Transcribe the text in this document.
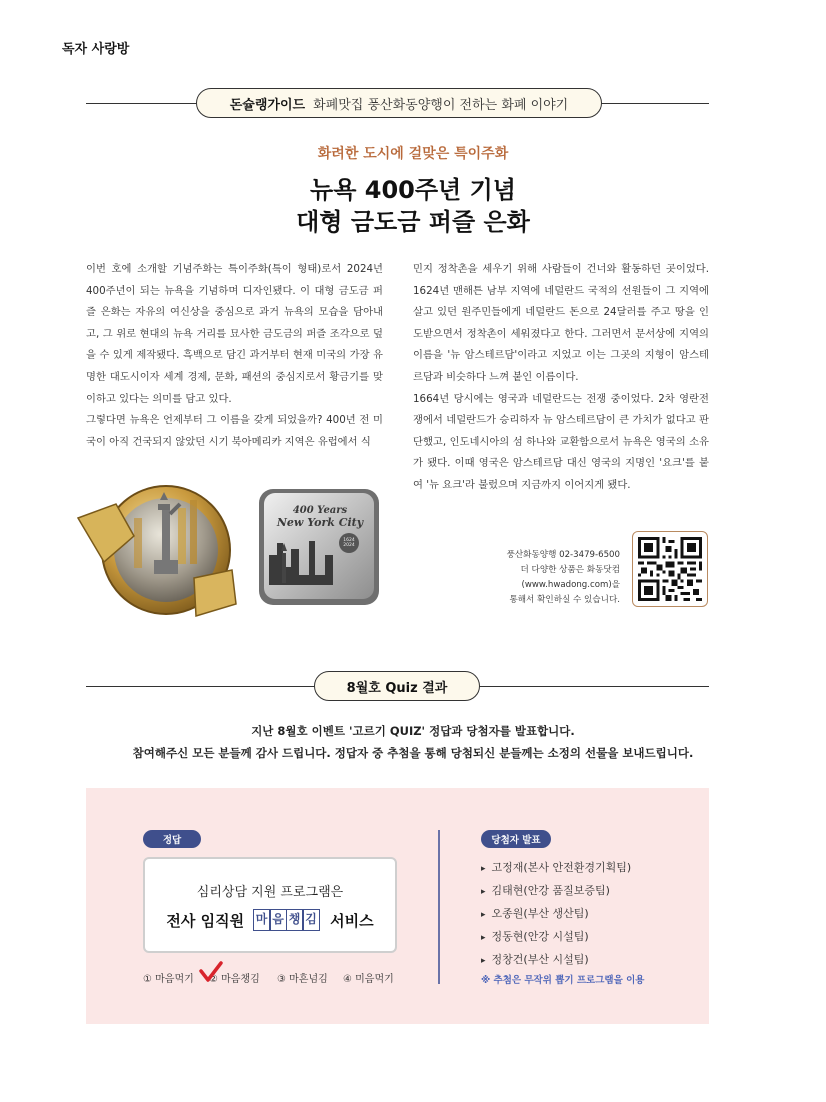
독자 사랑방
돈슐랭가이드 화폐맛집 풍산화동양행이 전하는 화폐 이야기
화려한 도시에 걸맞은 특이주화
뉴욕 400주년 기념
대형 금도금 퍼즐 은화

이번 호에 소개할 기념주화는 특이주화(특이 형태)로서 2024년 400주년이 되는 뉴욕을 기념하며 디자인됐다. 이 대형 금도금 퍼즐 은화는 자유의 여신상을 중심으로 과거 뉴욕의 모습을 담아내고, 그 위로 현대의 뉴욕 거리를 묘사한 금도금의 퍼즐 조각으로 덮을 수 있게 제작됐다. 흑백으로 담긴 과거부터 현재 미국의 가장 유명한 대도시이자 세계 경제, 문화, 패션의 중심지로서 황금기를 맞이하고 있다는 의미를 담고 있다.

그렇다면 뉴욕은 언제부터 그 이름을 갖게 되었을까? 400년 전 미국이 아직 건국되지 않았던 시기 북아메리카 지역은 유럽에서 식

민지 정착촌을 세우기 위해 사람들이 건너와 활동하던 곳이었다. 1624년 맨해튼 남부 지역에 네덜란드 국적의 선원들이 그 지역에 살고 있던 원주민들에게 네덜란드 돈으로 24달러를 주고 땅을 인도받으면서 정착촌이 세워졌다고 한다. 그러면서 문서상에 지역의 이름을 '뉴 암스테르담'이라고 지었고 이는 그곳의 지형이 암스테르담과 비슷하다 느껴 붙인 이름이다.

1664년 당시에는 영국과 네덜란드는 전쟁 중이었다. 2차 영란전쟁에서 네덜란드가 승리하자 뉴 암스테르담이 큰 가치가 없다고 판단했고, 인도네시아의 섬 하나와 교환함으로서 뉴욕은 영국의 소유가 됐다. 이때 영국은 암스테르담 대신 영국의 지명인 '요크'를 붙여 '뉴 요크'라 불렀으며 지금까지 이어지게 됐다.

400 Years
New York City
1624
2024
풍산화동양행 02-3479-6500
더 다양한 상품은 화동닷컴
(www.hwadong.com)을
통해서 확인하실 수 있습니다.
8월호 Quiz 결과
지난 8월호 이벤트 '고르기 QUIZ' 정답과 당첨자를 발표합니다.
참여해주신 모든 분들께 감사 드립니다. 정답자 중 추첨을 통해 당첨되신 분들께는 소정의 선물을 보내드립니다.
정답
심리상담 지원 프로그램은
전사 임직원 마 음 챙 김 서비스
① 마음먹기 ② 마음챙김 ③ 마흔넘김 ④ 미음먹기
당첨자 발표
▸ 고정재(본사 안전환경기획팀)
▸ 김태현(안강 품질보증팀)
▸ 오종원(부산 생산팀)
▸ 정동현(안강 시설팀)
▸ 정창건(부산 시설팀)
※ 추첨은 무작위 뽑기 프로그램을 이용
